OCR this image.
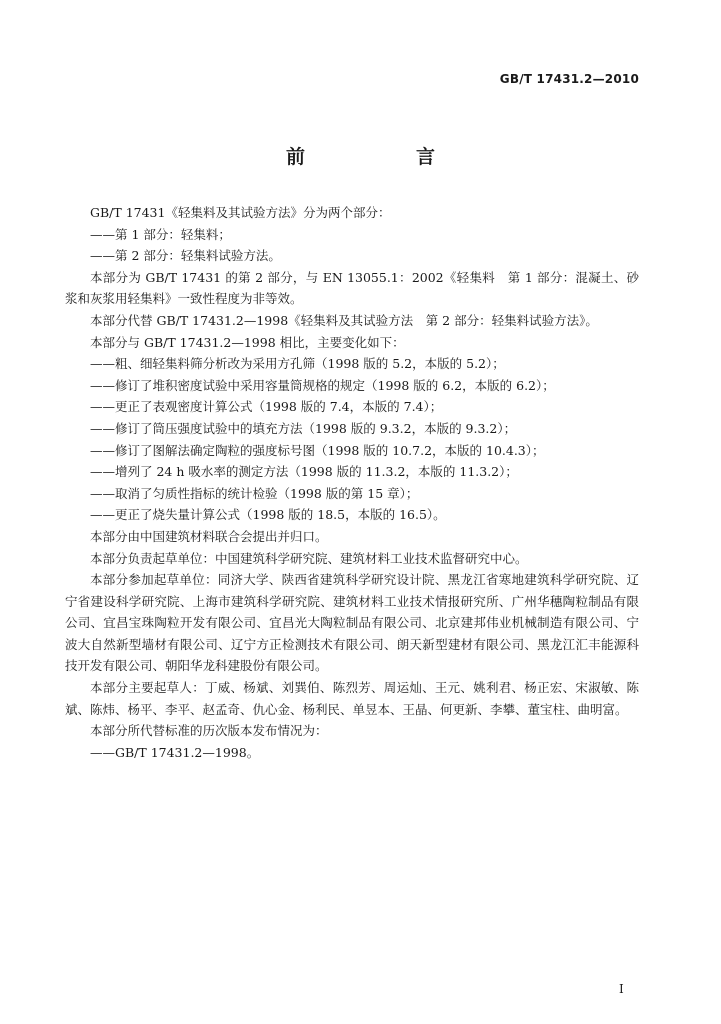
GB/T 17431.2—2010
前　言

GB/T 17431《轻集料及其试验方法》分为两个部分：

——第 1 部分：轻集料；

——第 2 部分：轻集料试验方法。

本部分为 GB/T 17431 的第 2 部分，与 EN 13055.1：2002《轻集料　第 1 部分：混凝土、砂浆和灰浆用轻集料》一致性程度为非等效。

本部分代替 GB/T 17431.2—1998《轻集料及其试验方法　第 2 部分：轻集料试验方法》。

本部分与 GB/T 17431.2—1998 相比，主要变化如下：

——粗、细轻集料筛分析改为采用方孔筛（1998 版的 5.2，本版的 5.2）；

——修订了堆积密度试验中采用容量筒规格的规定（1998 版的 6.2，本版的 6.2）；

——更正了表观密度计算公式（1998 版的 7.4，本版的 7.4）；

——修订了筒压强度试验中的填充方法（1998 版的 9.3.2，本版的 9.3.2）；

——修订了图解法确定陶粒的强度标号图（1998 版的 10.7.2，本版的 10.4.3）；

——增列了 24 h 吸水率的测定方法（1998 版的 11.3.2，本版的 11.3.2）；

——取消了匀质性指标的统计检验（1998 版的第 15 章）；

——更正了烧失量计算公式（1998 版的 18.5，本版的 16.5）。

本部分由中国建筑材料联合会提出并归口。

本部分负责起草单位：中国建筑科学研究院、建筑材料工业技术监督研究中心。

本部分参加起草单位：同济大学、陕西省建筑科学研究设计院、黑龙江省寒地建筑科学研究院、辽宁省建设科学研究院、上海市建筑科学研究院、建筑材料工业技术情报研究所、广州华穗陶粒制品有限公司、宜昌宝珠陶粒开发有限公司、宜昌光大陶粒制品有限公司、北京建邦伟业机械制造有限公司、宁波大自然新型墙材有限公司、辽宁方正检测技术有限公司、朗天新型建材有限公司、黑龙江汇丰能源科技开发有限公司、朝阳华龙科建股份有限公司。

本部分主要起草人：丁威、杨斌、刘巽伯、陈烈芳、周运灿、王元、姚利君、杨正宏、宋淑敏、陈斌、陈炜、杨平、李平、赵孟奇、仇心金、杨利民、单昱本、王晶、何更新、李攀、董宝柱、曲明富。

本部分所代替标准的历次版本发布情况为：

——GB/T 17431.2—1998。

I
